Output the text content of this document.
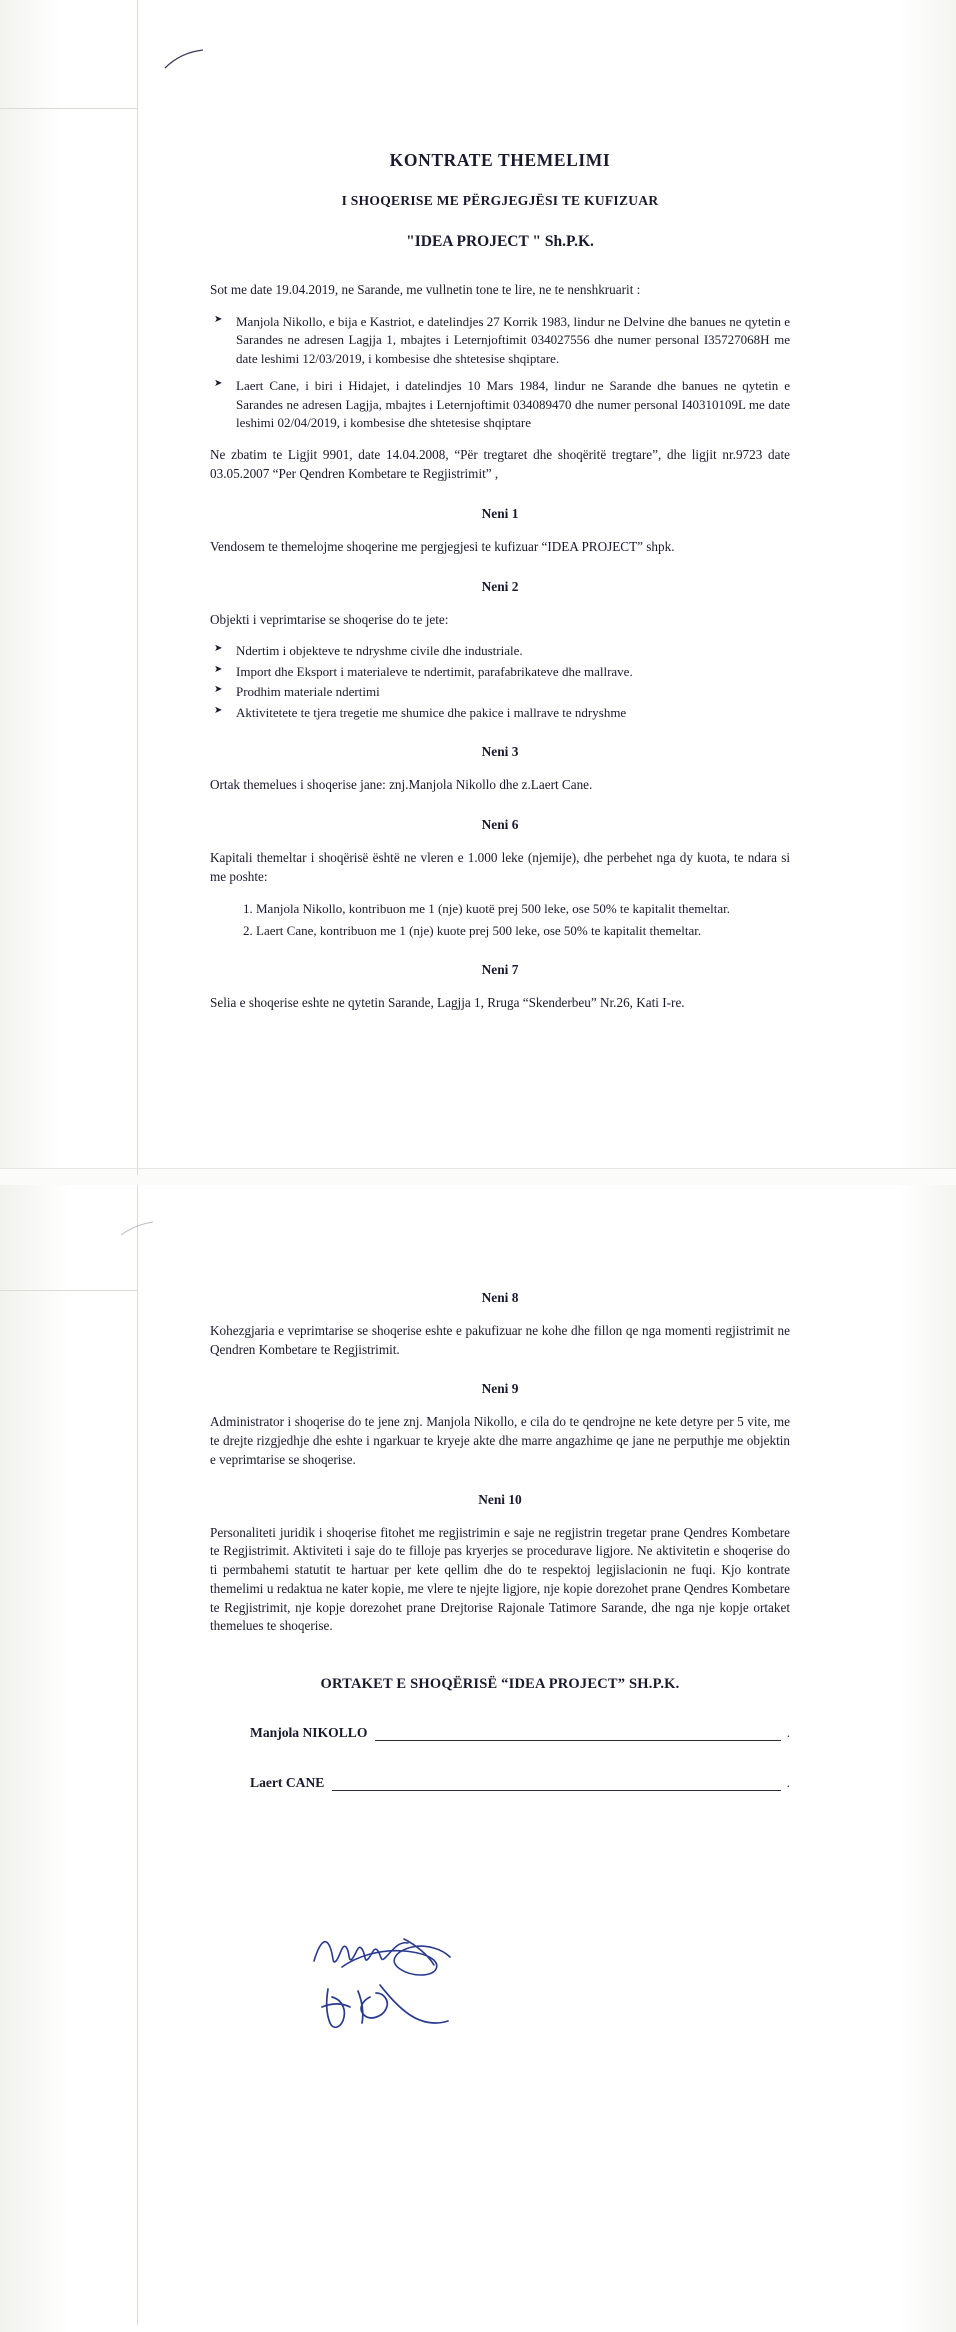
KONTRATE THEMELIMI
I SHOQERISE ME PËRGJEGJËSI TE KUFIZUAR
"IDEA PROJECT " Sh.P.K.
Sot me date 19.04.2019, ne Sarande, me vullnetin tone te lire, ne te nenshkruarit :
➤ Manjola Nikollo, e bija e Kastriot, e datelindjes 27 Korrik 1983, lindur ne Delvine dhe banues ne qytetin e Sarandes ne adresen Lagjja 1, mbajtes i Leternjoftimit 034027556 dhe numer personal I35727068H me date leshimi 12/03/2019, i kombesise dhe shtetesise shqiptare.
➤ Laert Cane, i biri i Hidajet, i datelindjes 10 Mars 1984, lindur ne Sarande dhe banues ne qytetin e Sarandes ne adresen Lagjja, mbajtes i Leternjoftimit 034089470 dhe numer personal I40310109L me date leshimi 02/04/2019, i kombesise dhe shtetesise shqiptare
Ne zbatim te Ligjit 9901, date 14.04.2008, “Për tregtaret dhe shoqëritë tregtare”, dhe ligjit nr.9723 date 03.05.2007 “Per Qendren Kombetare te Regjistrimit” ,
Neni 1
Vendosem te themelojme shoqerine me pergjegjesi te kufizuar “IDEA PROJECT” shpk.
Neni 2
Objekti i veprimtarise se shoqerise do te jete:
➤ Ndertim i objekteve te ndryshme civile dhe industriale.
➤ Import dhe Eksport i materialeve te ndertimit, parafabrikateve dhe mallrave.
➤ Prodhim materiale ndertimi
➤ Aktivitetete te tjera tregetie me shumice dhe pakice i mallrave te ndryshme
Neni 3
Ortak themelues i shoqerise jane: znj.Manjola Nikollo dhe z.Laert Cane.
Neni 6
Kapitali themeltar i shoqërisë është ne vleren e 1.000 leke (njemije), dhe perbehet nga dy kuota, te ndara si me poshte:
1. Manjola Nikollo, kontribuon me 1 (nje) kuotë prej 500 leke, ose 50% te kapitalit themeltar.
2. Laert Cane, kontribuon me 1 (nje) kuote prej 500 leke, ose 50% te kapitalit themeltar.
Neni 7
Selia e shoqerise eshte ne qytetin Sarande, Lagjja 1, Rruga “Skenderbeu” Nr.26, Kati I-re.
Neni 8
Kohezgjaria e veprimtarise se shoqerise eshte e pakufizuar ne kohe dhe fillon qe nga momenti regjistrimit ne Qendren Kombetare te Regjistrimit.
Neni 9
Administrator i shoqerise do te jene znj. Manjola Nikollo, e cila do te qendrojne ne kete detyre per 5 vite, me te drejte rizgjedhje dhe eshte i ngarkuar te kryeje akte dhe marre angazhime qe jane ne perputhje me objektin e veprimtarise se shoqerise.
Neni 10
Personaliteti juridik i shoqerise fitohet me regjistrimin e saje ne regjistrin tregetar prane Qendres Kombetare te Regjistrimit. Aktiviteti i saje do te filloje pas kryerjes se procedurave ligjore. Ne aktivitetin e shoqerise do ti permbahemi statutit te hartuar per kete qellim dhe do te respektoj legjislacionin ne fuqi. Kjo kontrate themelimi u redaktua ne kater kopie, me vlere te njejte ligjore, nje kopie dorezohet prane Qendres Kombetare te Regjistrimit, nje kopje dorezohet prane Drejtorise Rajonale Tatimore Sarande, dhe nga nje kopje ortaket themelues te shoqerise.
ORTAKET E SHOQËRISË “IDEA PROJECT” SH.P.K.
Manjola NIKOLLO	.
Laert CANE	.
